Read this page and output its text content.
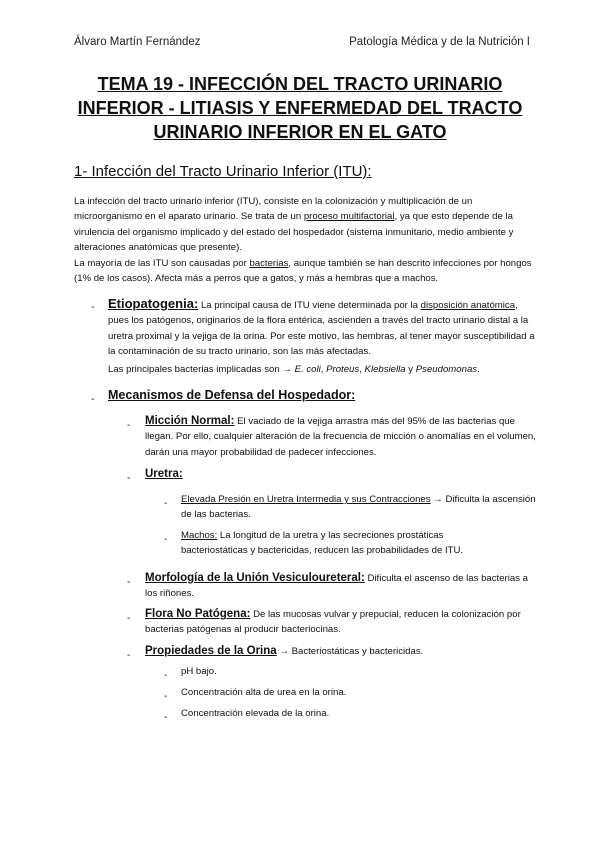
Álvaro Martín Fernández	Patología Médica y de la Nutrición I
TEMA 19 - INFECCIÓN DEL TRACTO URINARIO
INFERIOR - LITIASIS Y ENFERMEDAD DEL TRACTO
URINARIO INFERIOR EN EL GATO
1- Infección del Tracto Urinario Inferior (ITU):
La infección del tracto urinario inferior (ITU), consiste en la colonización y multiplicación de un microorganismo en el aparato urinario. Se trata de un proceso multifactorial, ya que esto depende de la virulencia del organismo implicado y del estado del hospedador (sistema inmunitario, medio ambiente y alteraciones anatómicas que presente).
La mayoría de las ITU son causadas por bacterias, aunque también se han descrito infecciones por hongos (1% de los casos). Afecta más a perros que a gatos, y más a hembras que a machos.
- Etiopatogenia: La principal causa de ITU viene determinada por la disposición anatómica, pues los patógenos, originarios de la flora entérica, ascienden a través del tracto urinario distal a la uretra proximal y la vejiga de la orina. Por este motivo, las hembras, al tener mayor susceptibilidad a la contaminación de su tracto urinario, son las más afectadas.
Las principales bacterias implicadas son → E. coli, Proteus, Klebsiella y Pseudomonas.
- Mecanismos de Defensa del Hospedador:
- Micción Normal: El vaciado de la vejiga arrastra más del 95% de las bacterias que llegan. Por ello, cualquier alteración de la frecuencia de micción o anomalías en el volumen, darán una mayor probabilidad de padecer infecciones.
- Uretra:
- Elevada Presión en Uretra Intermedia y sus Contracciones → Dificulta la ascensión de las bacterias.
- Machos: La longitud de la uretra y las secreciones prostáticas bacteriostáticas y bactericidas, reducen las probabilidades de ITU.
- Morfología de la Unión Vesiculoureteral: Dificulta el ascenso de las bacterias a los riñones.
- Flora No Patógena: De las mucosas vulvar y prepucial, reducen la colonización por bacterias patógenas al producir bacteriocinas.
- Propiedades de la Orina → Bacteriostáticas y bactericidas.
- pH bajo.
- Concentración alta de urea en la orina.
- Concentración elevada de la orina.
